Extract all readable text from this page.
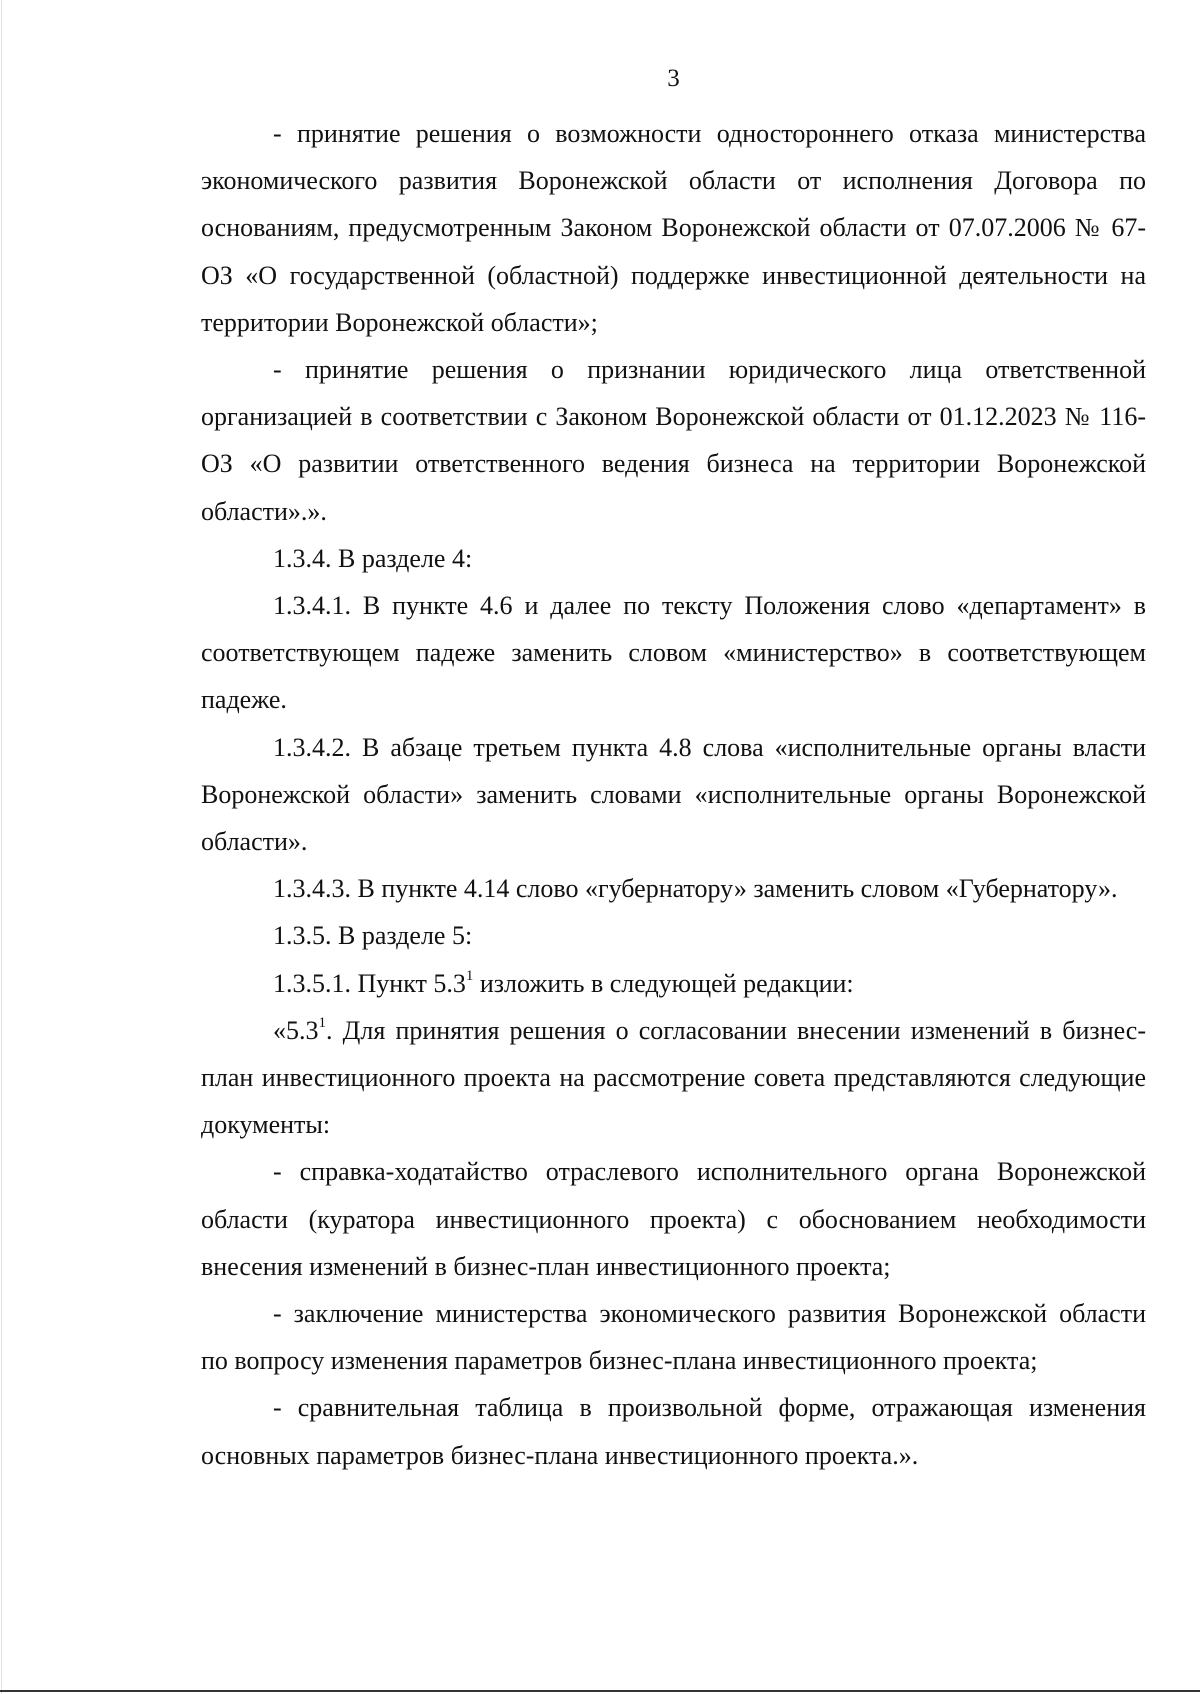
3

- принятие решения о возможности одностороннего отказа министерства экономического развития Воронежской области от исполнения Договора по основаниям, предусмотренным Законом Воронежской области от 07.07.2006 № 67-ОЗ «О государственной (областной) поддержке инвестиционной деятельности на территории Воронежской области»;

- принятие решения о признании юридического лица ответственной организацией в соответствии с Законом Воронежской области от 01.12.2023 № 116-ОЗ «О развитии ответственного ведения бизнеса на территории Воронежской области».».

1.3.4. В разделе 4:

1.3.4.1. В пункте 4.6 и далее по тексту Положения слово «департамент» в соответствующем падеже заменить словом «министерство» в соответствующем падеже.

1.3.4.2. В абзаце третьем пункта 4.8 слова «исполнительные органы власти Воронежской области» заменить словами «исполнительные органы Воронежской области».

1.3.4.3. В пункте 4.14 слово «губернатору» заменить словом «Губернатору».

1.3.5. В разделе 5:

1.3.5.1. Пункт 5.3$^1$ изложить в следующей редакции:

«5.3$^1$. Для принятия решения о согласовании внесении изменений в бизнес-план инвестиционного проекта на рассмотрение совета представляются следующие документы:

- справка-ходатайство отраслевого исполнительного органа Воронежской области (куратора инвестиционного проекта) с обоснованием необходимости внесения изменений в бизнес-план инвестиционного проекта;

- заключение министерства экономического развития Воронежской области по вопросу изменения параметров бизнес-плана инвестиционного проекта;

- сравнительная таблица в произвольной форме, отражающая изменения основных параметров бизнес-плана инвестиционного проекта.».
